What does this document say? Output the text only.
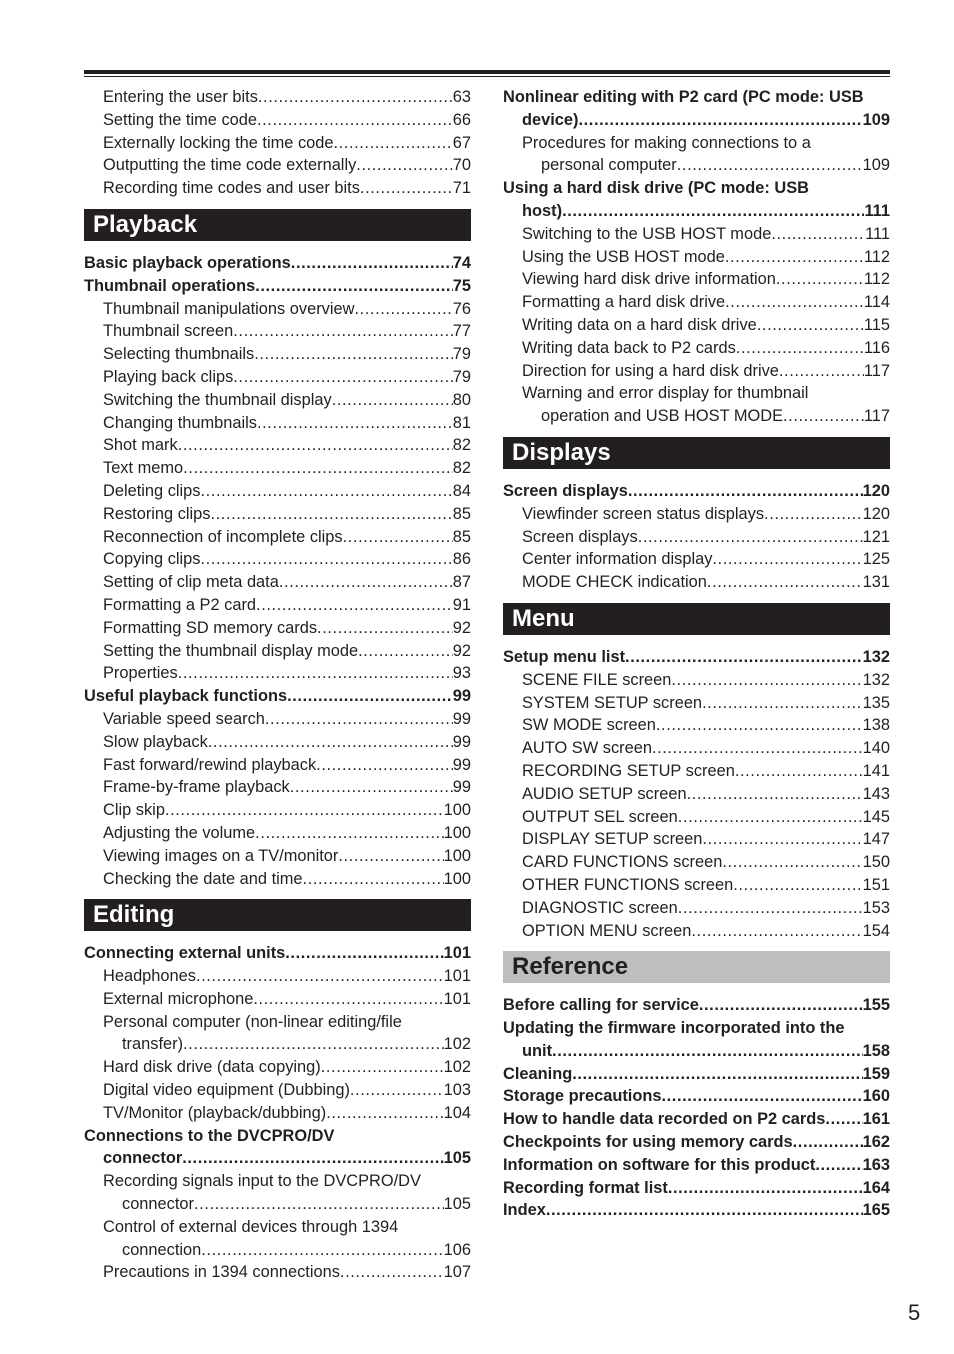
Entering the user bits .....	63
Setting the time code .....	66
Externally locking the time code .....	67
Outputting the time code externally .....	70
Recording time codes and user bits .....	71
Playback
Basic playback operations .....	74
Thumbnail operations .....	75
Thumbnail manipulations overview .....	76
Thumbnail screen .....	77
Selecting thumbnails .....	79
Playing back clips .....	79
Switching the thumbnail display .....	80
Changing thumbnails .....	81
Shot mark .....	82
Text memo .....	82
Deleting clips .....	84
Restoring clips .....	85
Reconnection of incomplete clips .....	85
Copying clips .....	86
Setting of clip meta data .....	87
Formatting a P2 card .....	91
Formatting SD memory cards .....	92
Setting the thumbnail display mode .....	92
Properties .....	93
Useful playback functions .....	99
Variable speed search .....	99
Slow playback .....	99
Fast forward/rewind playback .....	99
Frame-by-frame playback .....	99
Clip skip .....	100
Adjusting the volume .....	100
Viewing images on a TV/monitor .....	100
Checking the date and time .....	100
Editing
Connecting external units .....	101
Headphones .....	101
External microphone .....	101
Personal computer (non-linear editing/file
transfer) .....	102
Hard disk drive (data copying) .....	102
Digital video equipment (Dubbing) .....	103
TV/Monitor (playback/dubbing) .....	104
Connections to the DVCPRO/DV
connector .....	105
Recording signals input to the DVCPRO/DV
connector .....	105
Control of external devices through 1394
connection .....	106
Precautions in 1394 connections .....	107
Nonlinear editing with P2 card (PC mode: USB
device) .....	109
Procedures for making connections to a
personal computer .....	109
Using a hard disk drive (PC mode: USB
host) .....	111
Switching to the USB HOST mode .....	111
Using the USB HOST mode .....	112
Viewing hard disk drive information .....	112
Formatting a hard disk drive .....	114
Writing data on a hard disk drive .....	115
Writing data back to P2 cards .....	116
Direction for using a hard disk drive .....	117
Warning and error display for thumbnail
operation and USB HOST MODE .....	117
Displays
Screen displays .....	120
Viewfinder screen status displays .....	120
Screen displays .....	121
Center information display .....	125
MODE CHECK indication .....	131
Menu
Setup menu list .....	132
SCENE FILE screen .....	132
SYSTEM SETUP screen .....	135
SW MODE screen .....	138
AUTO SW screen .....	140
RECORDING SETUP screen .....	141
AUDIO SETUP screen .....	143
OUTPUT SEL screen .....	145
DISPLAY SETUP screen .....	147
CARD FUNCTIONS screen .....	150
OTHER FUNCTIONS screen .....	151
DIAGNOSTIC screen .....	153
OPTION MENU screen .....	154
Reference
Before calling for service .....	155
Updating the firmware incorporated into the
unit .....	158
Cleaning .....	159
Storage precautions .....	160
How to handle data recorded on P2 cards ..... 161
Checkpoints for using memory cards .....	162
Information on software for this product .....	163
Recording format list .....	164
Index .....	165
5
